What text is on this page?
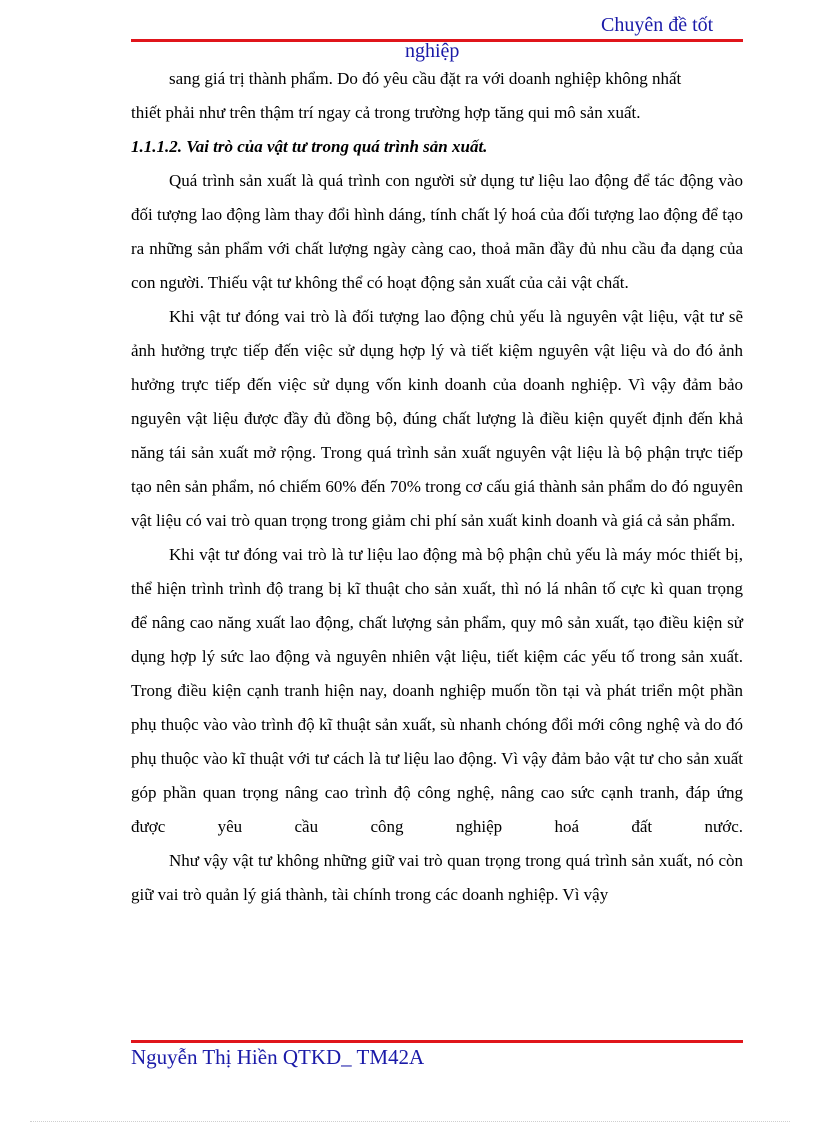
Chuyên đề tốt
nghiệp

sang giá trị thành phẩm. Do đó yêu cầu đặt ra với doanh nghiệp không nhất

thiết phải như trên thậm trí ngay cả trong trường hợp tăng qui mô sản xuất.

1.1.1.2. Vai trò của vật tư trong quá trình sản xuất.

Quá trình sản xuất là quá trình con người sử dụng tư liệu lao động để tác động vào đối tượng lao động làm thay đổi hình dáng, tính chất lý hoá của đối tượng lao động để tạo ra những sản phẩm với chất lượng ngày càng cao, thoả mãn đầy đủ nhu cầu đa dạng của con người. Thiếu vật tư không thể có hoạt động sản xuất của cải vật chất.

Khi vật tư đóng vai trò là đối tượng lao động chủ yếu là nguyên vật liệu, vật tư sẽ ảnh hưởng trực tiếp đến việc sử dụng hợp lý và tiết kiệm nguyên vật liệu và do đó ảnh hưởng trực tiếp đến việc sử dụng vốn kinh doanh của doanh nghiệp. Vì vậy đảm bảo nguyên vật liệu được đầy đủ đồng bộ, đúng chất lượng là điều kiện quyết định đến khả năng tái sản xuất mở rộng. Trong quá trình sản xuất nguyên vật liệu là bộ phận trực tiếp tạo nên sản phẩm, nó chiếm 60% đến 70% trong cơ cấu giá thành sản phẩm do đó nguyên vật liệu có vai trò quan trọng trong giảm chi phí sản xuất kinh doanh và giá cả sản phẩm.

Khi vật tư đóng vai trò là tư liệu lao động mà bộ phận chủ yếu là máy móc thiết bị, thể hiện trình trình độ trang bị kĩ thuật cho sản xuất, thì nó lá nhân tố cực kì quan trọng để nâng cao năng xuất lao động, chất lượng sản phẩm, quy mô sản xuất, tạo điều kiện sử dụng hợp lý sức lao động và nguyên nhiên vật liệu, tiết kiệm các yếu tố trong sản xuất. Trong điều kiện cạnh tranh hiện nay, doanh nghiệp muốn tồn tại và phát triển một phần phụ thuộc vào vào trình độ kĩ thuật sản xuất, sù nhanh chóng đổi mới công nghệ và do đó phụ thuộc vào kĩ thuật với tư cách là tư liệu lao động. Vì vậy đảm bảo vật tư cho sản xuất góp phần quan trọng nâng cao trình độ công nghệ, nâng cao sức cạnh tranh, đáp ứng được yêu cầu công nghiệp hoá đất nước.

Như vậy vật tư không những giữ vai trò quan trọng trong quá trình sản xuất, nó còn giữ vai trò quản lý giá thành, tài chính trong các doanh nghiệp. Vì vậy

Nguyễn Thị Hiền QTKD_ TM42A
